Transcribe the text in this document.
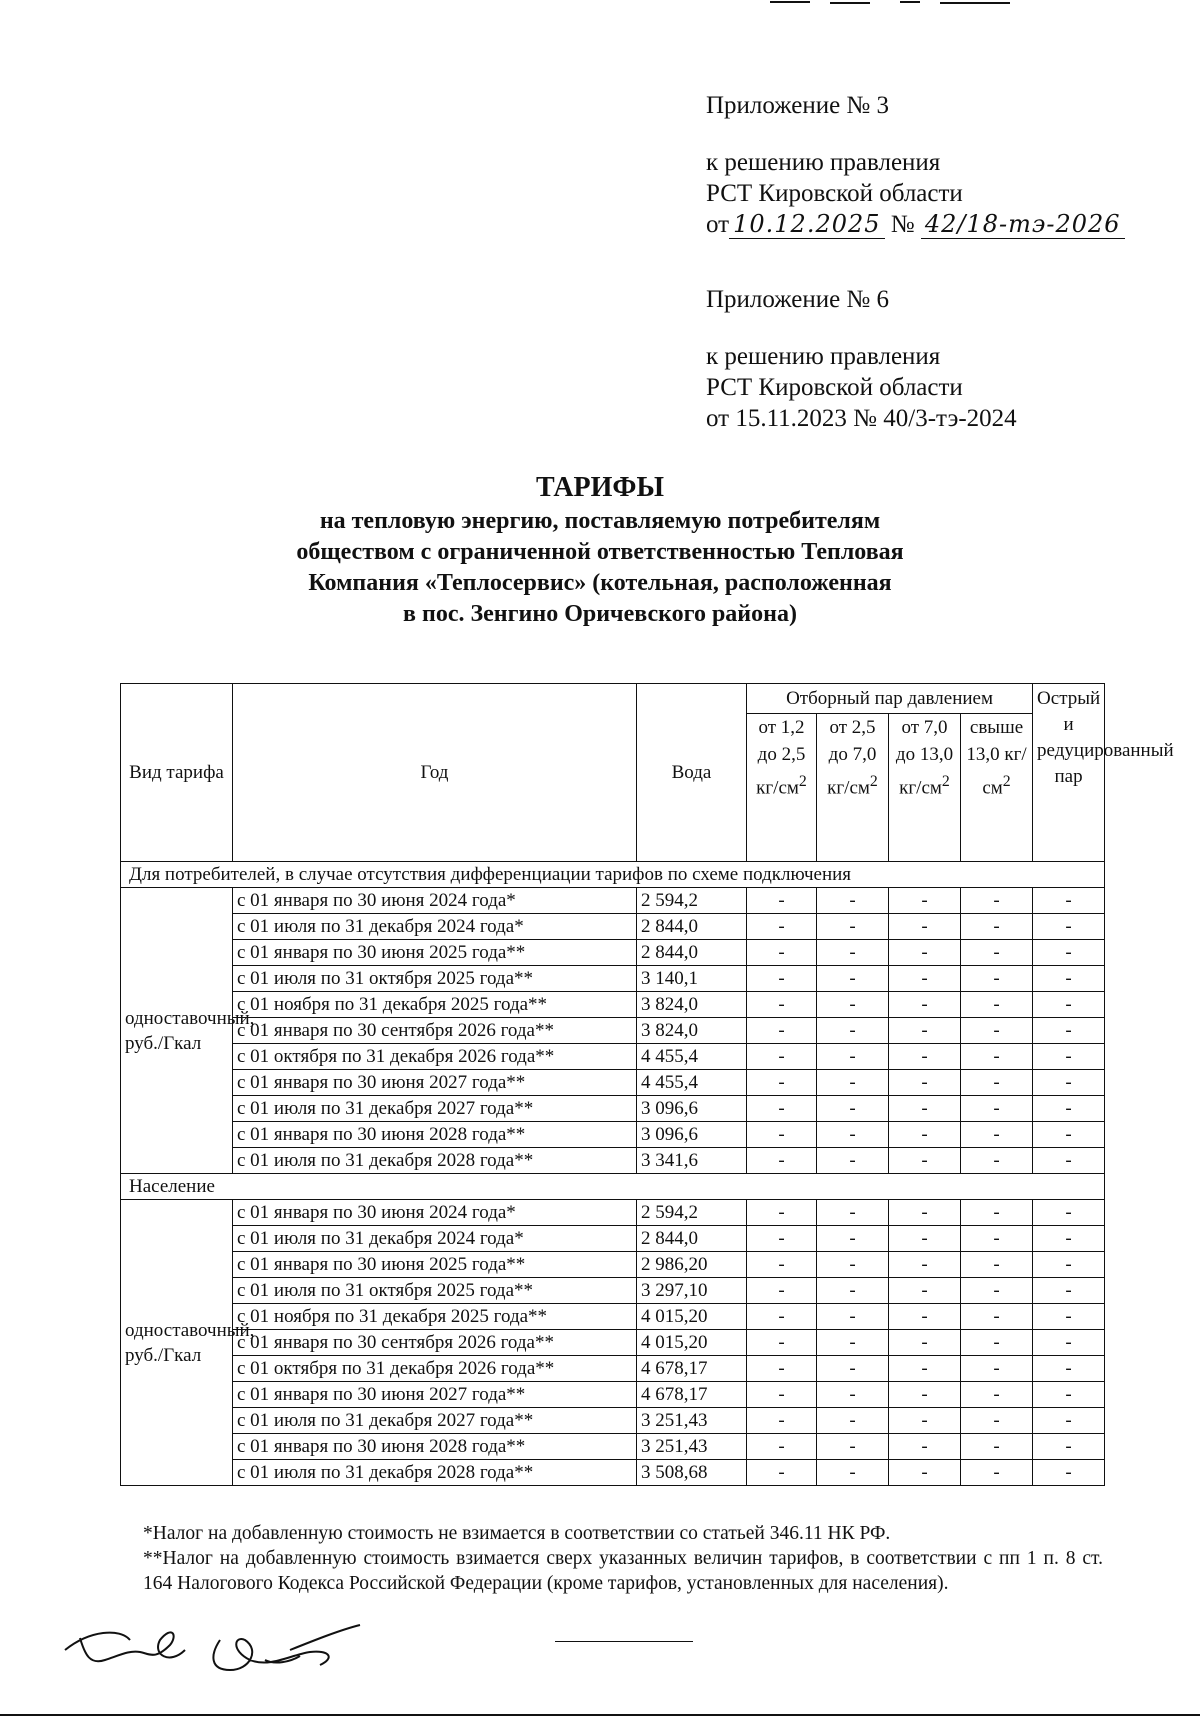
Приложение № 3
к решению правления
РСТ Кировской области
от 10.12.2025 № 42/18-тэ-2026
Приложение № 6
к решению правления
РСТ Кировской области
от 15.11.2023 № 40/3-тэ-2024
ТАРИФЫ
на тепловую энергию, поставляемую потребителям
обществом с ограниченной ответственностью Тепловая
Компания «Теплосервис» (котельная, расположенная
в пос. Зенгино Оричевского района)
Вид тарифа	Год	Вода	Отборный пар давлением				Острый и редуцированный пар
			от 1,2 до 2,5 $кг/см^2$	от 2,5 до 7,0 $кг/см^2$	от 7,0 до 13,0 $кг/см^2$	свыше 13,0 $кг/см^2$
Для потребителей, в случае отсутствия дифференциации тарифов по схеме подключения							
одноставочный, руб./Гкал	с 01 января по 30 июня 2024 года*	2 594,2	-	-	-	-	-
	с 01 июля по 31 декабря 2024 года*	2 844,0	-	-	-	-	-
	с 01 января по 30 июня 2025 года**	2 844,0	-	-	-	-	-
	с 01 июля по 31 октября 2025 года**	3 140,1	-	-	-	-	-
	с 01 ноября по 31 декабря 2025 года**	3 824,0	-	-	-	-	-
	с 01 января по 30 сентября 2026 года**	3 824,0	-	-	-	-	-
	с 01 октября по 31 декабря 2026 года**	4 455,4	-	-	-	-	-
	с 01 января по 30 июня 2027 года**	4 455,4	-	-	-	-	-
	с 01 июля по 31 декабря 2027 года**	3 096,6	-	-	-	-	-
	с 01 января по 30 июня 2028 года**	3 096,6	-	-	-	-	-
	с 01 июля по 31 декабря 2028 года**	3 341,6	-	-	-	-	-
Население							
одноставочный, руб./Гкал	с 01 января по 30 июня 2024 года*	2 594,2	-	-	-	-	-
	с 01 июля по 31 декабря 2024 года*	2 844,0	-	-	-	-	-
	с 01 января по 30 июня 2025 года**	2 986,20	-	-	-	-	-
	с 01 июля по 31 октября 2025 года**	3 297,10	-	-	-	-	-
	с 01 ноября по 31 декабря 2025 года**	4 015,20	-	-	-	-	-
	с 01 января по 30 сентября 2026 года**	4 015,20	-	-	-	-	-
	с 01 октября по 31 декабря 2026 года**	4 678,17	-	-	-	-	-
	с 01 января по 30 июня 2027 года**	4 678,17	-	-	-	-	-
	с 01 июля по 31 декабря 2027 года**	3 251,43	-	-	-	-	-
	с 01 января по 30 июня 2028 года**	3 251,43	-	-	-	-	-
	с 01 июля по 31 декабря 2028 года**	3 508,68	-	-	-	-	-
*Налог на добавленную стоимость не взимается в соответствии со статьей 346.11 НК РФ.
**Налог на добавленную стоимость взимается сверх указанных величин тарифов, в соответствии с пп 1 п. 8 ст. 164 Налогового Кодекса Российской Федерации (кроме тарифов, установленных для населения).
